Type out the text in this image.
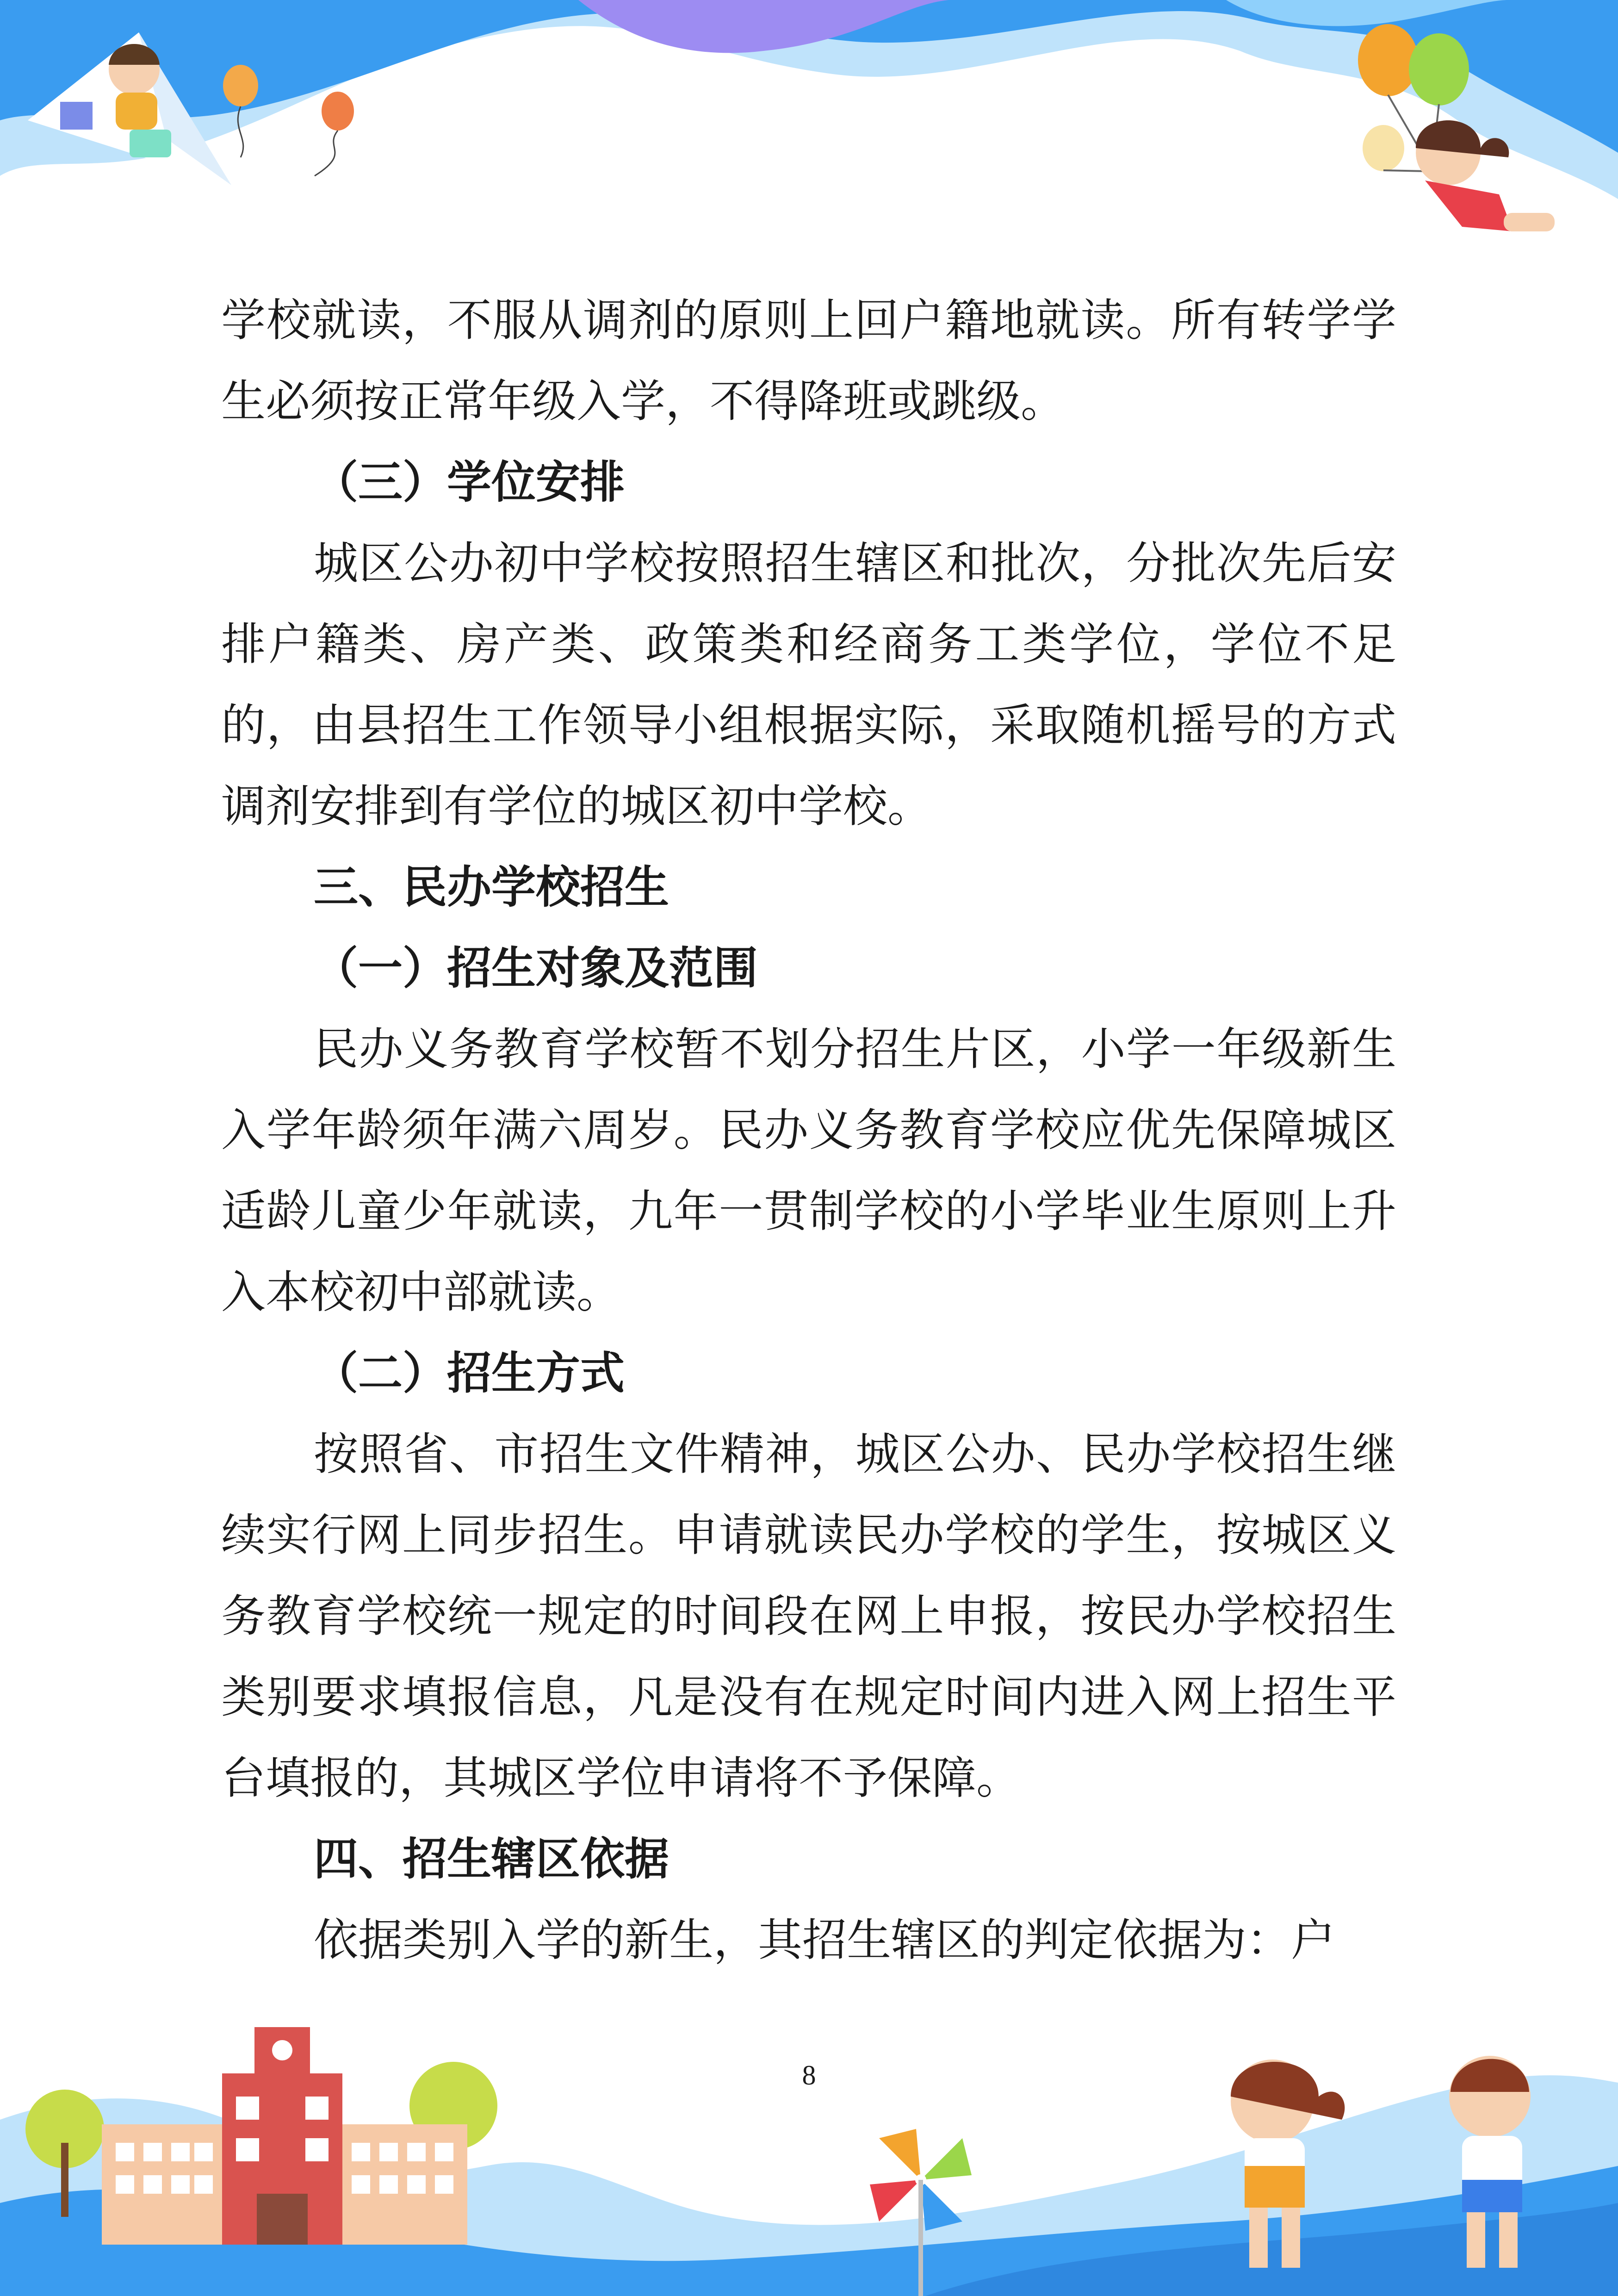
学校就读，不服从调剂的原则上回户籍地就读。所有转学学生必须按正常年级入学，不得降班或跳级。

（三）学位安排

城区公办初中学校按照招生辖区和批次，分批次先后安排户籍类、房产类、政策类和经商务工类学位，学位不足的，由县招生工作领导小组根据实际，采取随机摇号的方式调剂安排到有学位的城区初中学校。

三、民办学校招生

（一）招生对象及范围

民办义务教育学校暂不划分招生片区，小学一年级新生入学年龄须年满六周岁。民办义务教育学校应优先保障城区适龄儿童少年就读，九年一贯制学校的小学毕业生原则上升入本校初中部就读。

（二）招生方式

按照省、市招生文件精神，城区公办、民办学校招生继续实行网上同步招生。申请就读民办学校的学生，按城区义务教育学校统一规定的时间段在网上申报，按民办学校招生类别要求填报信息，凡是没有在规定时间内进入网上招生平台填报的，其城区学位申请将不予保障。

四、招生辖区依据

依据类别入学的新生，其招生辖区的判定依据为：户

8
